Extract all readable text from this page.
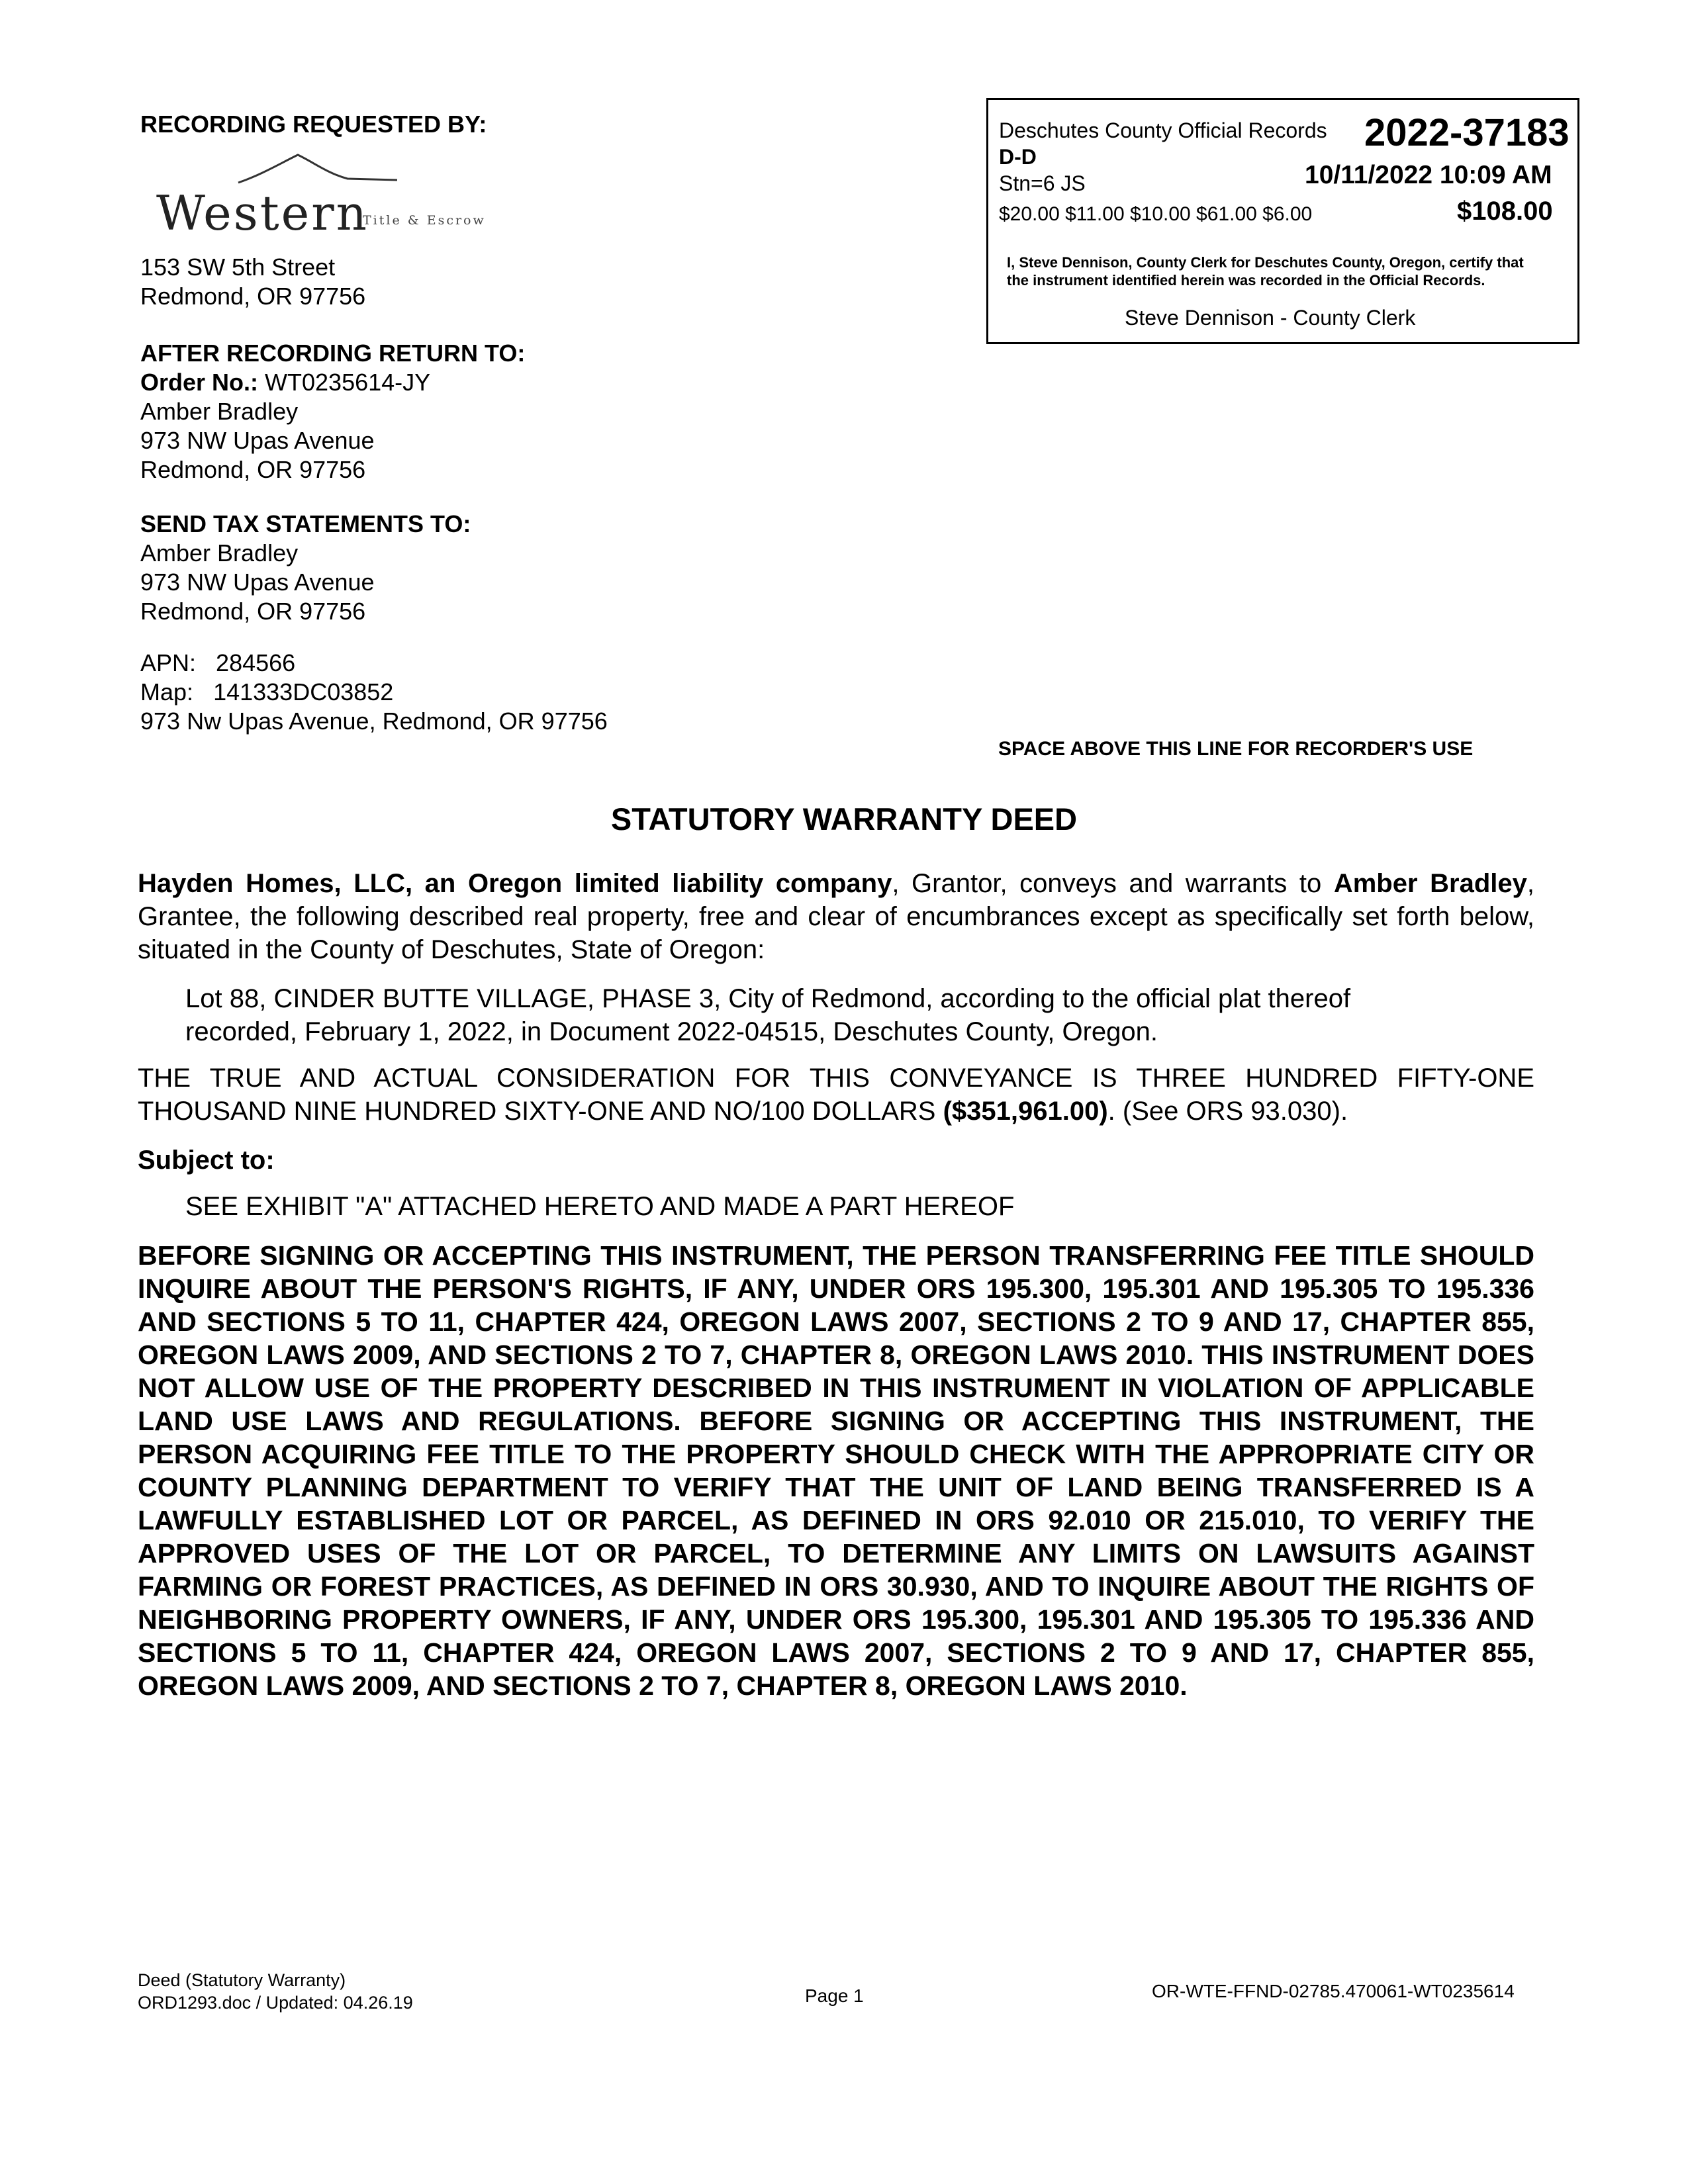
RECORDING REQUESTED BY:
Western
Title & Escrow
153 SW 5th Street
Redmond, OR 97756
AFTER RECORDING RETURN TO:
Order No.: WT0235614-JY
Amber Bradley
973 NW Upas Avenue
Redmond, OR 97756
SEND TAX STATEMENTS TO:
Amber Bradley
973 NW Upas Avenue
Redmond, OR 97756
APN: 284566
Map: 141333DC03852
973 Nw Upas Avenue, Redmond, OR 97756
Deschutes County Official Records 2022-37183
D-D
Stn=6 JS	10/11/2022 10:09 AM
$20.00 $11.00 $10.00 $61.00 $6.00	$108.00
I, Steve Dennison, County Clerk for Deschutes County, Oregon, certify that the instrument identified herein was recorded in the Official Records.
Steve Dennison - County Clerk
SPACE ABOVE THIS LINE FOR RECORDER'S USE
STATUTORY WARRANTY DEED
Hayden Homes, LLC, an Oregon limited liability company, Grantor, conveys and warrants to Amber Bradley, Grantee, the following described real property, free and clear of encumbrances except as specifically set forth below, situated in the County of Deschutes, State of Oregon:
Lot 88, CINDER BUTTE VILLAGE, PHASE 3, City of Redmond, according to the official plat thereof
recorded, February 1, 2022, in Document 2022-04515, Deschutes County, Oregon.
THE TRUE AND ACTUAL CONSIDERATION FOR THIS CONVEYANCE IS THREE HUNDRED FIFTY-ONE THOUSAND NINE HUNDRED SIXTY-ONE AND NO/100 DOLLARS ($351,961.00). (See ORS 93.030).
Subject to:
SEE EXHIBIT "A" ATTACHED HERETO AND MADE A PART HEREOF
BEFORE SIGNING OR ACCEPTING THIS INSTRUMENT, THE PERSON TRANSFERRING FEE TITLE SHOULD INQUIRE ABOUT THE PERSON'S RIGHTS, IF ANY, UNDER ORS 195.300, 195.301 AND 195.305 TO 195.336 AND SECTIONS 5 TO 11, CHAPTER 424, OREGON LAWS 2007, SECTIONS 2 TO 9 AND 17, CHAPTER 855, OREGON LAWS 2009, AND SECTIONS 2 TO 7, CHAPTER 8, OREGON LAWS 2010. THIS INSTRUMENT DOES NOT ALLOW USE OF THE PROPERTY DESCRIBED IN THIS INSTRUMENT IN VIOLATION OF APPLICABLE LAND USE LAWS AND REGULATIONS. BEFORE SIGNING OR ACCEPTING THIS INSTRUMENT, THE PERSON ACQUIRING FEE TITLE TO THE PROPERTY SHOULD CHECK WITH THE APPROPRIATE CITY OR COUNTY PLANNING DEPARTMENT TO VERIFY THAT THE UNIT OF LAND BEING TRANSFERRED IS A LAWFULLY ESTABLISHED LOT OR PARCEL, AS DEFINED IN ORS 92.010 OR 215.010, TO VERIFY THE APPROVED USES OF THE LOT OR PARCEL, TO DETERMINE ANY LIMITS ON LAWSUITS AGAINST FARMING OR FOREST PRACTICES, AS DEFINED IN ORS 30.930, AND TO INQUIRE ABOUT THE RIGHTS OF NEIGHBORING PROPERTY OWNERS, IF ANY, UNDER ORS 195.300, 195.301 AND 195.305 TO 195.336 AND SECTIONS 5 TO 11, CHAPTER 424, OREGON LAWS 2007, SECTIONS 2 TO 9 AND 17, CHAPTER 855, OREGON LAWS 2009, AND SECTIONS 2 TO 7, CHAPTER 8, OREGON LAWS 2010.
Deed (Statutory Warranty)
ORD1293.doc / Updated: 04.26.19	Page 1	OR-WTE-FFND-02785.470061-WT0235614
